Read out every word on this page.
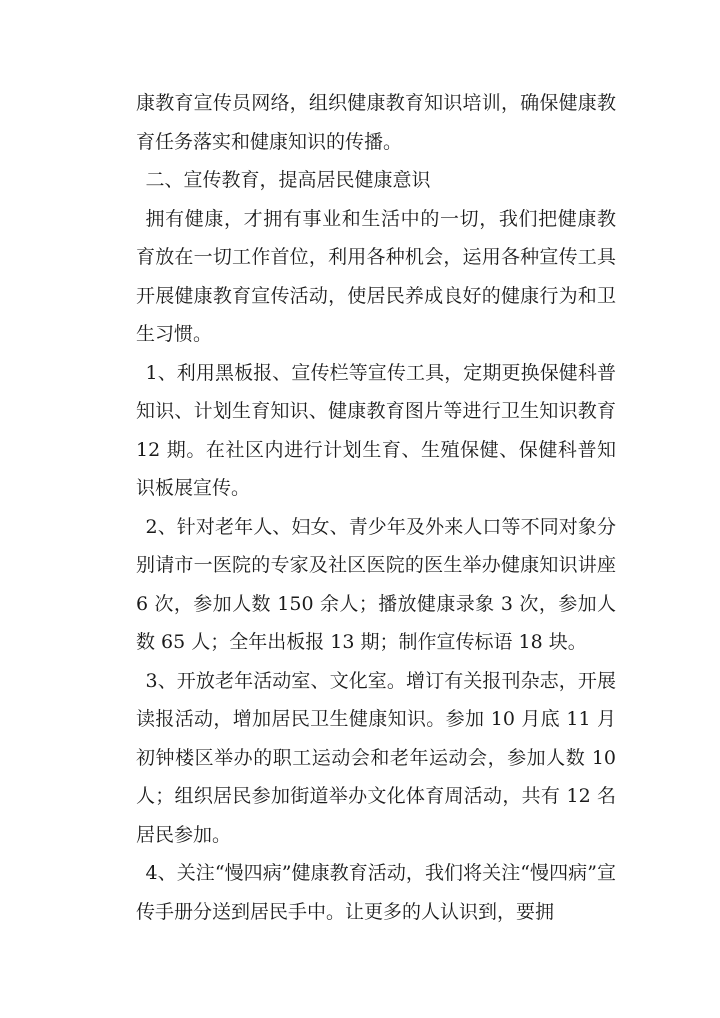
康教育宣传员网络，组织健康教育知识培训，确保健康教育任务落实和健康知识的传播。

二、宣传教育，提高居民健康意识

拥有健康，才拥有事业和生活中的一切，我们把健康教育放在一切工作首位，利用各种机会，运用各种宣传工具开展健康教育宣传活动，使居民养成良好的健康行为和卫生习惯。

1、利用黑板报、宣传栏等宣传工具，定期更换保健科普知识、计划生育知识、健康教育图片等进行卫生知识教育 12 期。在社区内进行计划生育、生殖保健、保健科普知识板展宣传。

2、针对老年人、妇女、青少年及外来人口等不同对象分别请市一医院的专家及社区医院的医生举办健康知识讲座 6 次，参加人数 150 余人；播放健康录象 3 次，参加人数 65 人；全年出板报 13 期；制作宣传标语 18 块。

3、开放老年活动室、文化室。增订有关报刊杂志，开展读报活动，增加居民卫生健康知识。参加 10 月底 11 月初钟楼区举办的职工运动会和老年运动会，参加人数 10 人；组织居民参加街道举办文化体育周活动，共有 12 名居民参加。

4、关注“慢四病”健康教育活动，我们将关注“慢四病”宣传手册分送到居民手中。让更多的人认识到，要拥
